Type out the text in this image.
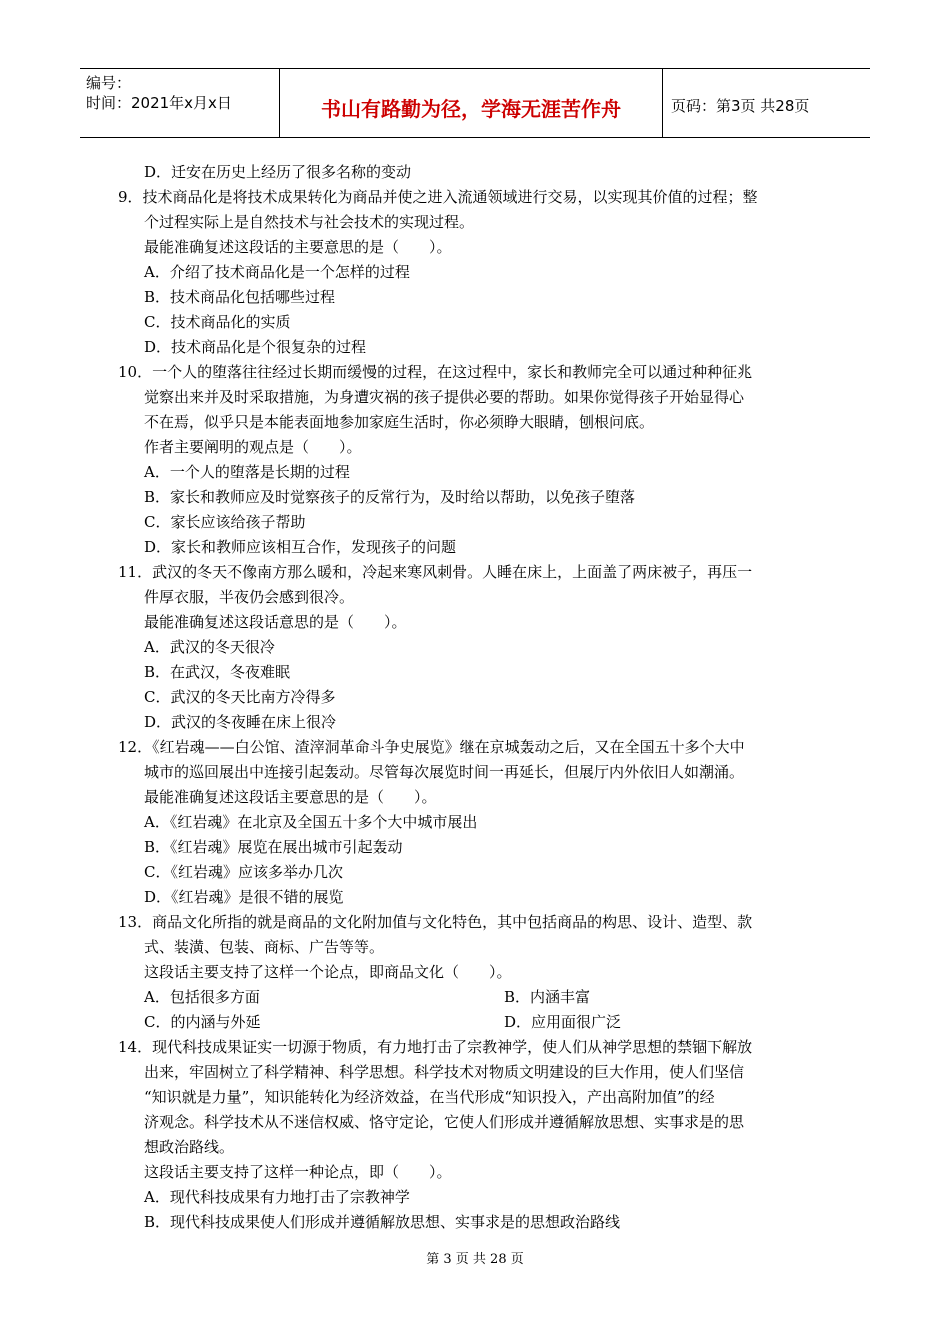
编号：
时间：2021年x月x日	书山有路勤为径，学海无涯苦作舟	页码：第3页 共28页
D．迁安在历史上经历了很多名称的变动
9．技术商品化是将技术成果转化为商品并使之进入流通领域进行交易，以实现其价值的过程；整
个过程实际上是自然技术与社会技术的实现过程。
最能准确复述这段话的主要意思的是（　　）。
A．介绍了技术商品化是一个怎样的过程
B．技术商品化包括哪些过程
C．技术商品化的实质
D．技术商品化是个很复杂的过程
10．一个人的堕落往往经过长期而缓慢的过程，在这过程中，家长和教师完全可以通过种种征兆
觉察出来并及时采取措施，为身遭灾祸的孩子提供必要的帮助。如果你觉得孩子开始显得心
不在焉，似乎只是本能表面地参加家庭生活时，你必须睁大眼睛，刨根问底。
作者主要阐明的观点是（　　）。
A．一个人的堕落是长期的过程
B．家长和教师应及时觉察孩子的反常行为，及时给以帮助，以免孩子堕落
C．家长应该给孩子帮助
D．家长和教师应该相互合作，发现孩子的问题
11．武汉的冬天不像南方那么暖和，冷起来寒风刺骨。人睡在床上，上面盖了两床被子，再压一
件厚衣服，半夜仍会感到很冷。
最能准确复述这段话意思的是（　　）。
A．武汉的冬天很冷
B．在武汉，冬夜难眠
C．武汉的冬天比南方冷得多
D．武汉的冬夜睡在床上很冷
12．《红岩魂——白公馆、渣滓洞革命斗争史展览》继在京城轰动之后，又在全国五十多个大中
城市的巡回展出中连接引起轰动。尽管每次展览时间一再延长，但展厅内外依旧人如潮涌。
最能准确复述这段话主要意思的是（　　）。
A．《红岩魂》在北京及全国五十多个大中城市展出
B．《红岩魂》展览在展出城市引起轰动
C．《红岩魂》应该多举办几次
D．《红岩魂》是很不错的展览
13．商品文化所指的就是商品的文化附加值与文化特色，其中包括商品的构思、设计、造型、款
式、装潢、包装、商标、广告等等。
这段话主要支持了这样一个论点，即商品文化（　　）。
A．包括很多方面	B．内涵丰富
C．的内涵与外延	D．应用面很广泛
14．现代科技成果证实一切源于物质，有力地打击了宗教神学，使人们从神学思想的禁锢下解放
出来，牢固树立了科学精神、科学思想。科学技术对物质文明建设的巨大作用，使人们坚信
“知识就是力量”，知识能转化为经济效益，在当代形成“知识投入，产出高附加值”的经
济观念。科学技术从不迷信权威、恪守定论，它使人们形成并遵循解放思想、实事求是的思
想政治路线。
这段话主要支持了这样一种论点，即（　　）。
A．现代科技成果有力地打击了宗教神学
B．现代科技成果使人们形成并遵循解放思想、实事求是的思想政治路线
第 3 页 共 28 页
